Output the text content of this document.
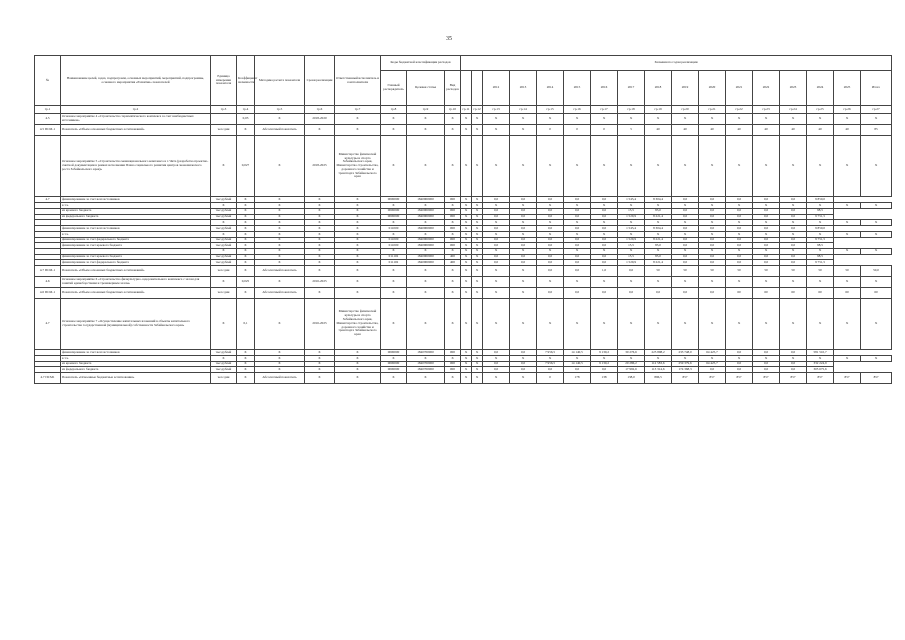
35
№	Наименование целей, задач, подпрограмм, основных мероприятий, мероприятий, подпрограммы, основного мероприятия «Развитие» показателей	Единица измерения показателя	Коэффициент значимости	Методика расчета показателя	Сроки реализации	Ответственный исполнитель и соисполнители	Коды бюджетной классификации расходов			Значения по годам реализации																
							Главный распорядитель	Целевая статья	Вид расходов			2012	2013	2014	2015	2016	2017	2018	2019	2020	2021	2022	2023	2024	2025	Итого
гр.1	гр.2	гр.3	гр.4	гр.5	гр.6	гр.7	гр.8	гр.9	гр.10	гр.11	гр.12	гр.13	гр.14	гр.15	гр.16	гр.17	гр.18	гр.19	гр.20	гр.21	гр.22	гр.23	гр.24	гр.25	гр.26	гр.27
4.5	Основное мероприятие 4 «Строительство терапевтического комплекса за счет внебюджетных источников»		0,03	Х	2018-2020	Х	Х	Х	Х	Х	Х	Х	Х	Х	Х	Х	Х	Х	Х	Х	Х	Х	Х	Х	Х	Х
4.5 ПСМ-1	Показатель «Объем освоенных бюджетных ассигнований»	чел./дни	Х	Абсолютный показатель	Х	Х	Х	Х	Х	Х	Х	Х	Х	0	0	0	5	40	40	40	40	40	40	40	40	85
	Основное мероприятие 5 «Строительство межнационального комплекса в г. Чита (разработка проектно-сметной документации в рамках исполнения Плана социального развития центров экономического роста Забайкальского края)»	Х	0,027	Х	2018-2025	Министерство физической культуры и спорта Забайкальского края, Министерство строительства, дорожного хозяйства и транспорта Забайкальского края	Х	Х	Х	Х	Х	Х	Х	Х	Х	Х	Х	Х	Х	Х	Х	Х	Х	Х	Х	Х
4.7	финансирование за счет всех источников	тыс.рублей	Х	Х	Х	Х	0000000	1840900000	000	Х	Х	0,0	0,0	0,0	0,0	0,0	1 545,4	8 304,4	0,0	0,0	0,0	0,0	0,0	9 850,0		
	в т.ч.	Х	Х	Х	Х	Х	Х	Х	Х	Х	Х	Х	Х	Х	Х	Х	Х	Х	Х	Х	Х	Х	Х	Х	Х	Х
	из краевого бюджета	тыс.рублей	Х	Х	Х	Х	0000000	1840900000	000	Х	Х	0,0	0,0	0,0	0,0	0,0	15,5	83,0	0,0	0,0	0,0	0,0	0,0	98,5		
	из федерального бюджета	тыс.рублей	Х	Х	Х	Х	0000000	1840900000	000	Х	Х	0,0	0,0	0,0	0,0	0,0	1 529,9	8 221,4	0,0	0,0	0,0	0,0	0,0	9 751,5		
		Х	Х	Х	Х	Х	Х	Х	Х	Х	Х	Х	Х	Х	Х	Х	Х	Х	Х	Х	Х	Х	Х	Х	Х	Х
	финансирование за счет всех источников	тыс.рублей	Х	Х	Х	Х	011000	1840900000	000	Х	Х	0,0	0,0	0,0	0,0	0,0	1 545,4	8 304,4	0,0	0,0	0,0	0,0	0,0	9 850,0		
	в т.ч.	Х	Х	Х	Х	Х	Х	Х	Х	Х	Х	Х	Х	Х	Х	Х	Х	Х	Х	Х	Х	Х	Х	Х	Х	Х
	финансирование за счет федерального бюджета	тыс.рублей	Х	Х	Х	Х	011000	1840900000	000	Х	Х	0,0	0,0	0,0	0,0	0,0	1 529,9	8 221,4	0,0	0,0	0,0	0,0	0,0	9 751,5		
	финансирование за счет краевого бюджета	тыс.рублей	Х	Х	Х	Х	011000	1840900000	000	Х	Х	0,0	0,0	0,0	0,0	0,0	15,5	83,0	0,0	0,0	0,0	0,0	0,0	98,5		
		Х	Х	Х	Х	Х	Х	Х	Х	Х	Х	Х	Х	Х	Х	Х	Х	Х	Х	Х	Х	Х	Х	Х	Х	Х
	финансирование за счет краевого бюджета	тыс.рублей	Х	Х	Х	Х	011102	1840900000	400	Х	Х	0,0	0,0	0,0	0,0	0,0	15,5	83,0	0,0	0,0	0,0	0,0	0,0	98,5		
	финансирование за счет федерального бюджета	тыс.рублей	Х	Х	Х	Х	011102	1840900000	400	Х	Х	0,0	0,0	0,0	0,0	0,0	1 529,9	8 221,4	0,0	0,0	0,0	0,0	0,0	9 751,5		
4.7 ПСМ-1	Показатель «Объем освоенных бюджетных ассигнований»	чел./дни	Х	Абсолютный показатель	Х	Х	Х	Х	Х	Х	Х	Х	Х	0,0	0,0	1,0	0,0	50	50	50	50	50	50	50	50	50,0
4.6	Основное мероприятие 6 «Строительство физкультурно-оздоровительного комплекса с залом для занятий единоборствами и тренажерным залом»	Х	0,025	Х	2016-2025	Х	Х	Х	Х	Х	Х	Х	Х	Х	Х	Х	Х	Х	Х	Х	Х	Х	Х	Х	Х	Х
4.6 ПСМ-1	Показатель «Объем освоенных бюджетных ассигнований»	чел./дни	Х	Абсолютный показатель	Х	Х	Х	Х	Х	Х	Х	Х	Х	0,0	0,0	0,0	0,0	0,0	0,0	0,0	60	60	60	60	60	60
4.7	Основное мероприятие 7 «Осуществление капитальных вложений в объекты капитального строительства государственной (муниципальной) собственности Забайкальского края»	Х	0,1	Х	2016-2025	Министерство физической культуры и спорта Забайкальского края, Министерство строительства, дорожного хозяйства и транспорта Забайкальского края	Х	Х	Х	Х	Х	Х	Х	Х	Х	Х	Х	Х	Х	Х	Х	Х	Х	Х	Х	Х
	финансирование за счет всех источников	тыс.рублей	Х	Х	Х	Х	0000000	1840700000	000	Х	Х	0,0	0,0	7 956,5	14 140,5	9 130,2	30 276,6	225 898,2	233 748,0	64 425,7	0,0	0,0	0,0	581 510,7		
	в т.ч.	Х	Х	Х	Х	Х	Х	Х	Х	Х	Х	Х	Х	Х	Х	Х	Х	Х	Х	Х	Х	Х	Х	Х	Х	Х
	из краевого бюджета	тыс.рублей	Х	Х	Х	Х	0000000	1840700000	000	Х	Х	0,0	0,0	7 956,5	14 140,5	9 130,2	20 286,2	112 583,6	259 379,6	64 425,7	0,0	0,0	0,0	332 224,9		
	из федерального бюджета	тыс.рублей	Х	Х	Х	Х	0000000	1840700000	000	Х	Х	0,0	0,0	0,0	0,0	0,0	17 992,6	113 314,6	174 368,3	0,0	0,0	0,0	0,0	305 675,6		
4.7 ПСМ1	Показатель «Освоенные бюджетные ассигнования»	чел./дни	Х	Абсолютный показатель	Х	Х	Х	Х	Х	Х	Х	Х	Х	0	178	138	138,0	896,5	857	857	857	857	857	857	857	857
